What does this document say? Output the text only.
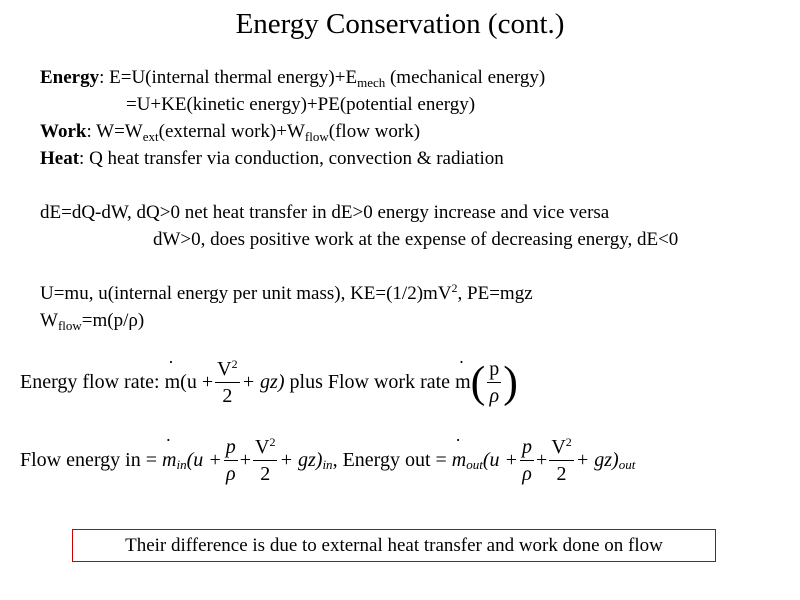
Energy Conservation (cont.)
Energy: E=U(internal thermal $energy)+E_{mech}$ (mechanical energy)
=U+KE(kinetic energy)+PE(potential energy)
Work: $W=W_{ext}(external$ $work)+W_{flow}(flow$ work)
Heat: Q heat transfer via conduction, convection & radiation
dE=dQ-dW, dQ>0 net heat transfer in dE>0 energy increase and vice versa
dW>0, does positive work at the expense of decreasing energy, dE<0
U=mu, u(internal energy per unit mass), $KE=(1/2)mV^2$, PE=mgz
$W_{flow}=m(p/\rho)$
Energy flow rate: m ˙(u + $\frac{V^2}{2} + gz$) plus Flow work rate m ˙( $\frac{p}{\rho}$ )
Flow energy in = m $˙_{in}(u + \frac{p}{\rho} + \frac{V^2}{2} + gz)_{in}$, Energy out = m $˙_{out}(u + \frac{p}{\rho} + \frac{V^2}{2} + gz)_{out}$
Their difference is due to external heat transfer and work done on flow
